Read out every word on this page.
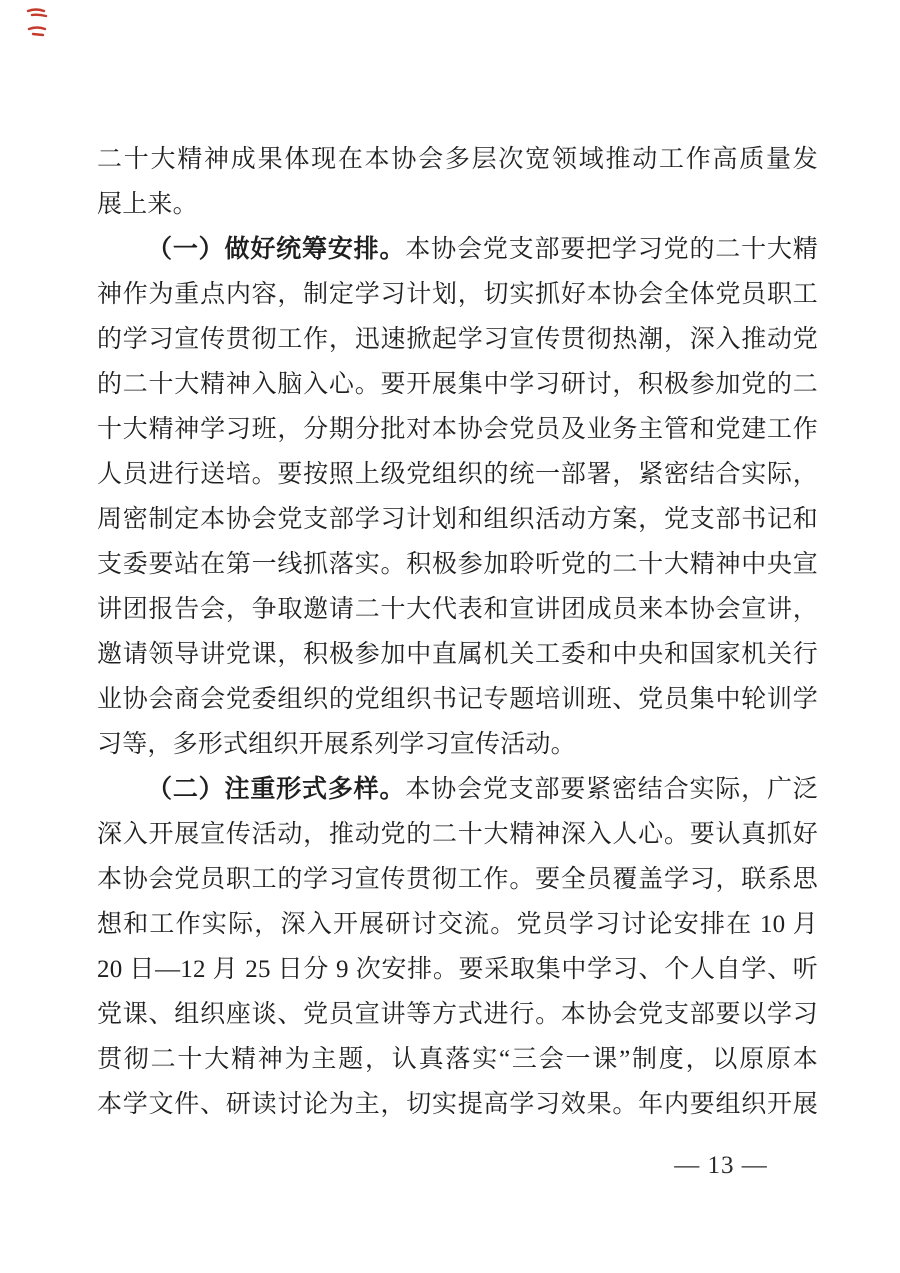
二十大精神成果体现在本协会多层次宽领域推动工作高质量发
展上来。
（一）做好统筹安排。本协会党支部要把学习党的二十大精
神作为重点内容，制定学习计划，切实抓好本协会全体党员职工
的学习宣传贯彻工作，迅速掀起学习宣传贯彻热潮，深入推动党
的二十大精神入脑入心。要开展集中学习研讨，积极参加党的二
十大精神学习班，分期分批对本协会党员及业务主管和党建工作
人员进行送培。要按照上级党组织的统一部署，紧密结合实际，
周密制定本协会党支部学习计划和组织活动方案，党支部书记和
支委要站在第一线抓落实。积极参加聆听党的二十大精神中央宣
讲团报告会，争取邀请二十大代表和宣讲团成员来本协会宣讲，
邀请领导讲党课，积极参加中直属机关工委和中央和国家机关行
业协会商会党委组织的党组织书记专题培训班、党员集中轮训学
习等，多形式组织开展系列学习宣传活动。
（二）注重形式多样。本协会党支部要紧密结合实际，广泛
深入开展宣传活动，推动党的二十大精神深入人心。要认真抓好
本协会党员职工的学习宣传贯彻工作。要全员覆盖学习，联系思
想和工作实际，深入开展研讨交流。党员学习讨论安排在 10 月
20 日—12 月 25 日分 9 次安排。要采取集中学习、个人自学、听
党课、组织座谈、党员宣讲等方式进行。本协会党支部要以学习
贯彻二十大精神为主题，认真落实“三会一课”制度，以原原本
本学文件、研读讨论为主，切实提高学习效果。年内要组织开展
— 13 —
